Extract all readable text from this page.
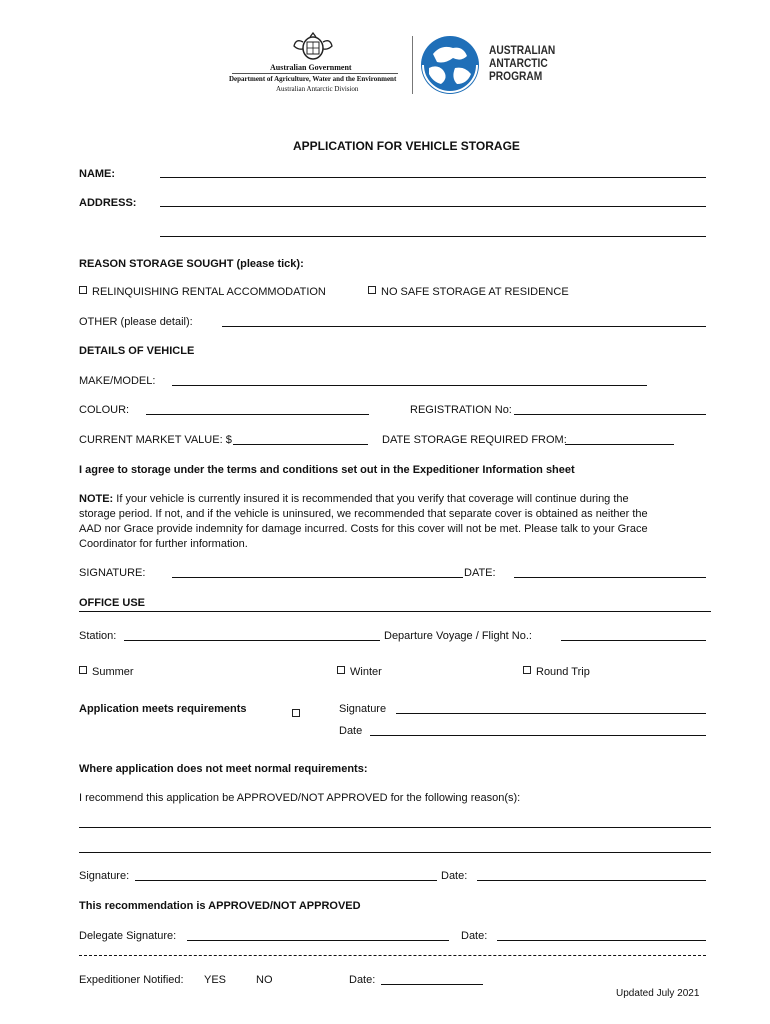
Australian Government
Department of Agriculture, Water and the Environment
Australian Antarctic Division
AUSTRALIAN
ANTARCTIC
PROGRAM
APPLICATION FOR VEHICLE STORAGE
NAME:
ADDRESS:
REASON STORAGE SOUGHT (please tick):
RELINQUISHING RENTAL ACCOMMODATION	NO SAFE STORAGE AT RESIDENCE
OTHER (please detail):
DETAILS OF VEHICLE
MAKE/MODEL:
COLOUR:	REGISTRATION No:
CURRENT MARKET VALUE: $	DATE STORAGE REQUIRED FROM:
I agree to storage under the terms and conditions set out in the Expeditioner Information sheet
NOTE: If your vehicle is currently insured it is recommended that you verify that coverage will continue during the
storage period. If not, and if the vehicle is uninsured, we recommended that separate cover is obtained as neither the
AAD nor Grace provide indemnity for damage incurred. Costs for this cover will not be met. Please talk to your Grace
Coordinator for further information.
SIGNATURE:	DATE:
OFFICE USE
Station:	Departure Voyage / Flight No.:
Summer	Winter	Round Trip
Application meets requirements	Signature
Date
Where application does not meet normal requirements:
I recommend this application be APPROVED/NOT APPROVED for the following reason(s):
Signature:	Date:
This recommendation is APPROVED/NOT APPROVED
Delegate Signature:	Date:
Expeditioner Notified: YES	NO	Date:
Updated July 2021
